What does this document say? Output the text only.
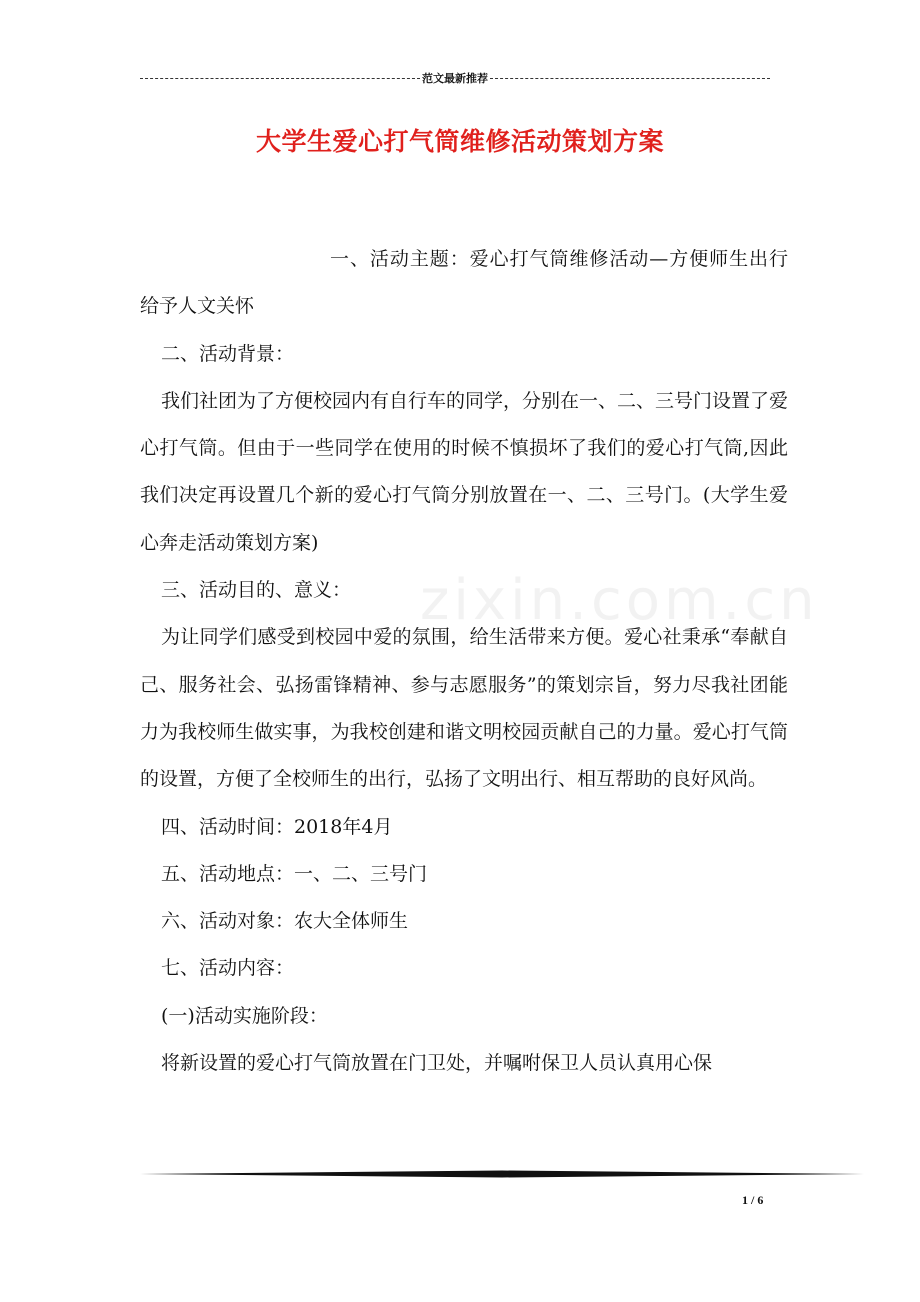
范文最新推荐
大学生爱心打气筒维修活动策划方案
zixin.com.cn

一、活动主题：爱心打气筒维修活动—方便师生出行 给予人文关怀

二、活动背景：

我们社团为了方便校园内有自行车的同学，分别在一、二、三号门设置了爱心打气筒。但由于一些同学在使用的时候不慎损坏了我们的爱心打气筒,因此我们决定再设置几个新的爱心打气筒分别放置在一、二、三号门。(大学生爱心奔走活动策划方案)

三、活动目的、意义：

为让同学们感受到校园中爱的氛围，给生活带来方便。爱心社秉承“奉献自己、服务社会、弘扬雷锋精神、参与志愿服务”的策划宗旨，努力尽我社团能力为我校师生做实事，为我校创建和谐文明校园贡献自己的力量。爱心打气筒的设置，方便了全校师生的出行，弘扬了文明出行、相互帮助的良好风尚。

四、活动时间：2018年4月

五、活动地点：一、二、三号门

六、活动对象：农大全体师生

七、活动内容：

(一)活动实施阶段：

将新设置的爱心打气筒放置在门卫处，并嘱咐保卫人员认真用心保

1 / 6
